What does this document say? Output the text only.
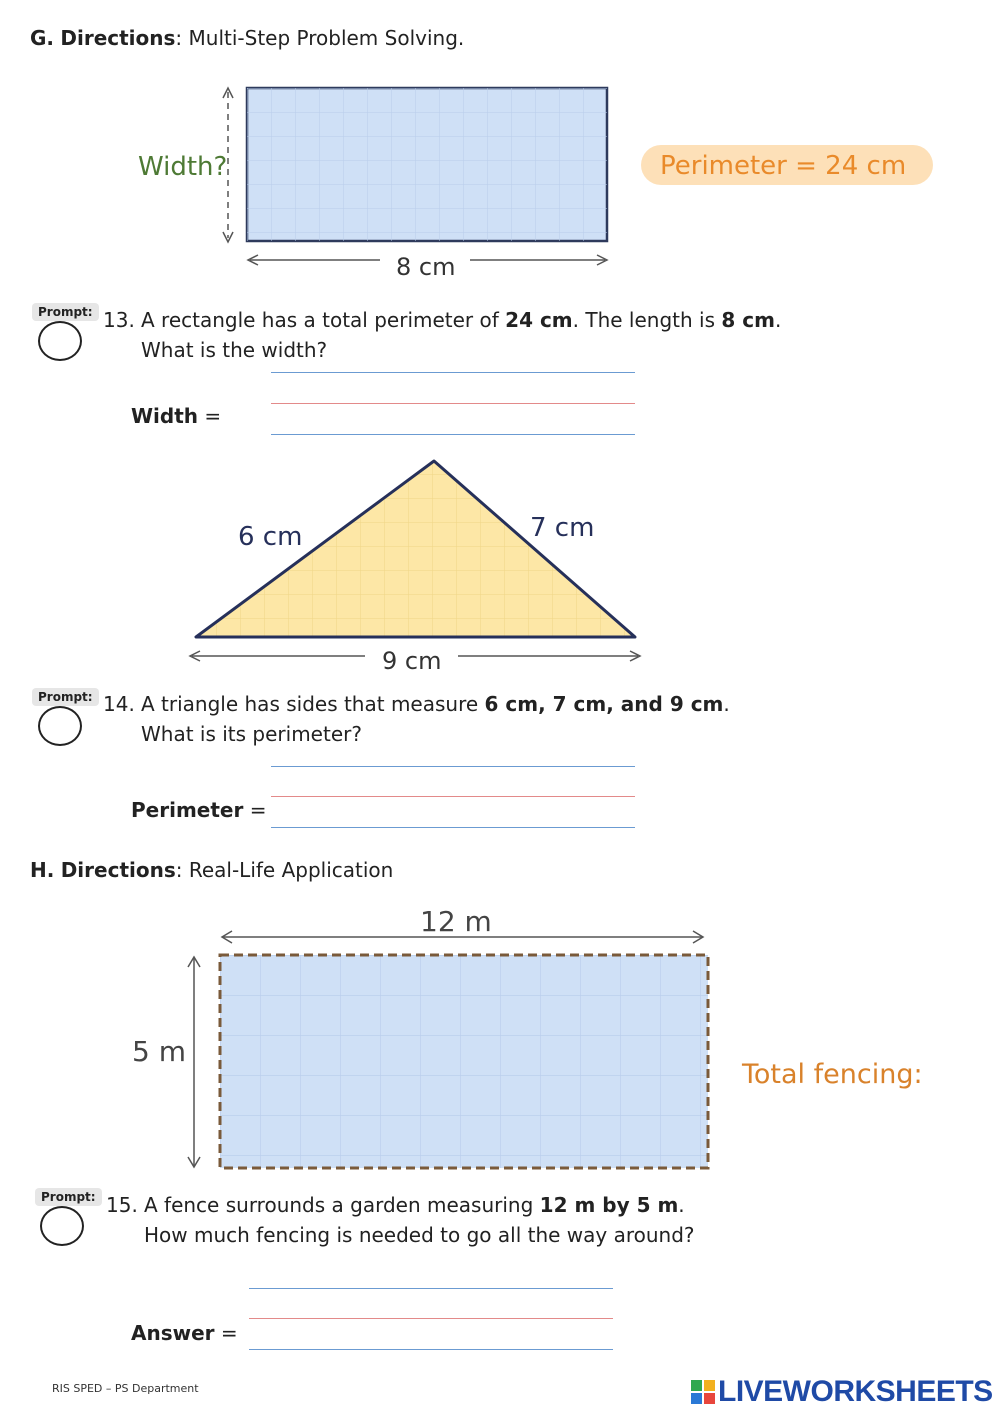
G. Directions: Multi-Step Problem Solving.
Width?
8 cm
Perimeter = 24 cm
Prompt: 13. A rectangle has a total perimeter of 24 cm. The length is 8 cm.
What is the width?
Width =
6 cm	7 cm
9 cm
Prompt: 14. A triangle has sides that measure 6 cm, 7 cm, and 9 cm.
What is its perimeter?
Perimeter =
H. Directions: Real-Life Application
12 m
5 m
Total fencing:
Prompt: 15. A fence surrounds a garden measuring 12 m by 5 m.
How much fencing is needed to go all the way around?
Answer =
RIS SPED – PS Department	LIVEWORKSHEETS
